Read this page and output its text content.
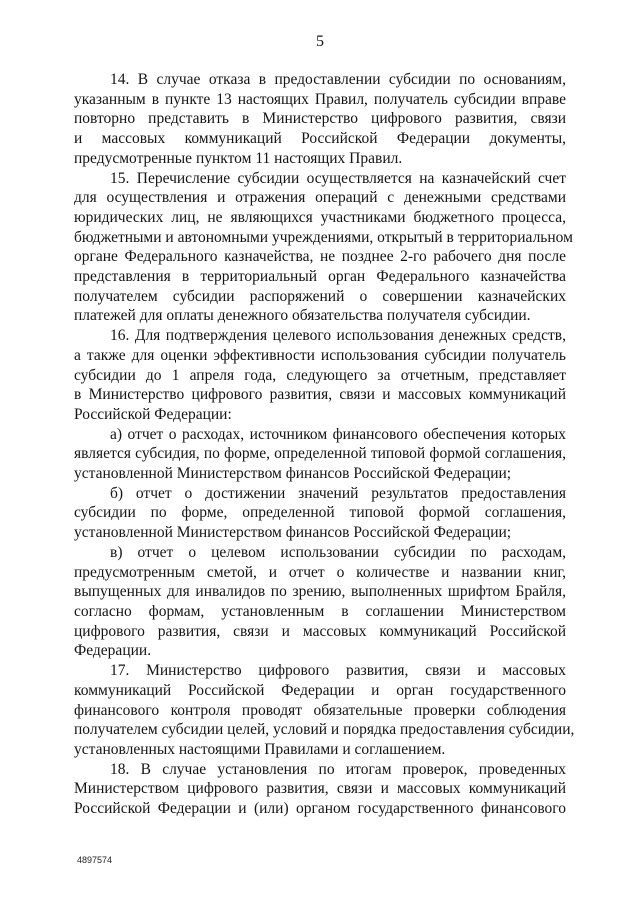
5

14. В случае отказа в предоставлении субсидии по основаниям,
указанным в пункте 13 настоящих Правил, получатель субсидии вправе
повторно представить в Министерство цифрового развития, связи
и массовых коммуникаций Российской Федерации документы,
предусмотренные пунктом 11 настоящих Правил.

15. Перечисление субсидии осуществляется на казначейский счет
для осуществления и отражения операций с денежными средствами
юридических лиц, не являющихся участниками бюджетного процесса,
бюджетными и автономными учреждениями, открытый в территориальном
органе Федерального казначейства, не позднее 2-го рабочего дня после
представления в территориальный орган Федерального казначейства
получателем субсидии распоряжений о совершении казначейских
платежей для оплаты денежного обязательства получателя субсидии.

16. Для подтверждения целевого использования денежных средств,
а также для оценки эффективности использования субсидии получатель
субсидии до 1 апреля года, следующего за отчетным, представляет
в Министерство цифрового развития, связи и массовых коммуникаций
Российской Федерации:

а) отчет о расходах, источником финансового обеспечения которых
является субсидия, по форме, определенной типовой формой соглашения,
установленной Министерством финансов Российской Федерации;

б) отчет о достижении значений результатов предоставления
субсидии по форме, определенной типовой формой соглашения,
установленной Министерством финансов Российской Федерации;

в) отчет о целевом использовании субсидии по расходам,
предусмотренным сметой, и отчет о количестве и названии книг,
выпущенных для инвалидов по зрению, выполненных шрифтом Брайля,
согласно формам, установленным в соглашении Министерством
цифрового развития, связи и массовых коммуникаций Российской
Федерации.

17. Министерство цифрового развития, связи и массовых
коммуникаций Российской Федерации и орган государственного
финансового контроля проводят обязательные проверки соблюдения
получателем субсидии целей, условий и порядка предоставления субсидии,
установленных настоящими Правилами и соглашением.

18. В случае установления по итогам проверок, проведенных
Министерством цифрового развития, связи и массовых коммуникаций
Российской Федерации и (или) органом государственного финансового

4897574
